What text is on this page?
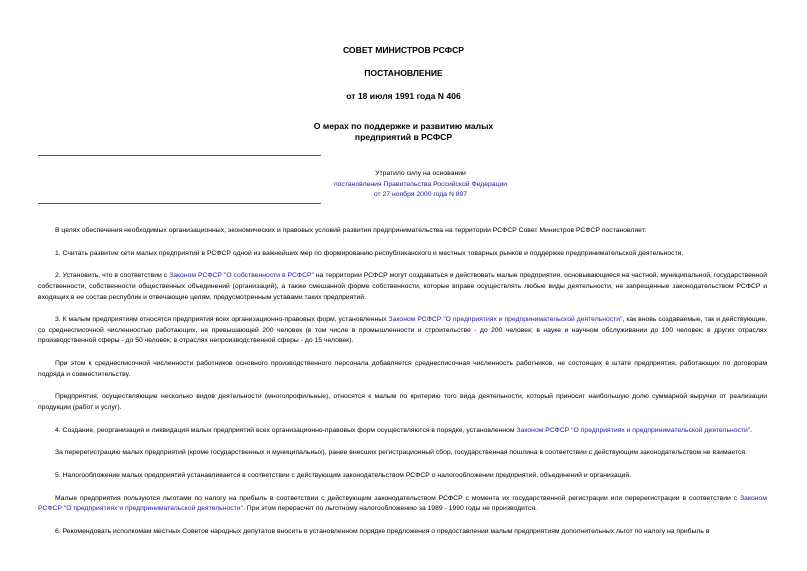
СОВЕТ МИНИСТРОВ РСФСР
ПОСТАНОВЛЕНИЕ
от 18 июля 1991 года N 406
О мерах по поддержке и развитию малых
предприятий в РСФСР
Утратило силу на основании
постановления Правительства Российской Федерации
от 27 ноября 2000 года N 897

В целях обеспечения необходимых организационных, экономических и правовых условий развития предпринимательства на территории РСФСР Совет Министров РСФСР постановляет:

1. Считать развитие сети малых предприятий в РСФСР одной из важнейших мер по формированию республиканского и местных товарных рынков и поддержке предпринимательской деятельности.

2. Установить, что в соответствии с Законом РСФСР "О собственности в РСФСР" на территории РСФСР могут создаваться и действовать малые предприятия, основывающиеся на частной, муниципальной, государственной собственности, собственности общественных объединений (организаций), а также смешанной форме собственности, которые вправе осуществлять любые виды деятельности, не запрещенные законодательством РСФСР и входящих в ее состав республик и отвечающие целям, предусмотренным уставами таких предприятий.

3. К малым предприятиям относятся предприятия всех организационно-правовых форм, установленных Законом РСФСР "О предприятиях и предпринимательской деятельности", как вновь создаваемые, так и действующие, со среднесписочной численностью работающих, не превышающей 200 человек (в том числе в промышленности и строительстве - до 200 человек; в науке и научном обслуживании до 100 человек; в других отраслях производственной сферы - до 50 человек; в отраслях непроизводственной сферы - до 15 человек).

При этом к среднесписочной численности работников основного производственного персонала добавляется среднесписочная численность работников, не состоящих в штате предприятия, работающих по договорам подряда и совместительству.

Предприятия, осуществляющие несколько видов деятельности (многопрофильные), относятся к малым по критерию того вида деятельности, который приносит наибольшую долю суммарной выручки от реализации продукции (работ и услуг).

4. Создание, реорганизация и ликвидация малых предприятий всех организационно-правовых форм осуществляются в порядке, установленном Законом РСФСР "О предприятиях и предпринимательской деятельности".

За перерегистрацию малых предприятий (кроме государственных и муниципальных), ранее внесших регистрационный сбор, государственная пошлина в соответствии с действующим законодательством не взимается.

5. Налогообложение малых предприятий устанавливается в соответствии с действующим законодательством РСФСР о налогообложении предприятий, объединений и организаций.

Малые предприятия пользуются льготами по налогу на прибыль в соответствии с действующим законодательством РСФСР с момента их государственной регистрации или перерегистрации в соответствии с Законом РСФСР "О предприятиях и предпринимательской деятельности". При этом перерасчет по льготному налогообложению за 1989 - 1990 годы не производится.

6. Рекомендовать исполкомам местных Советов народных депутатов вносить в установленном порядке предложения о предоставлении малым предприятиям дополнительных льгот по налогу на прибыль в
